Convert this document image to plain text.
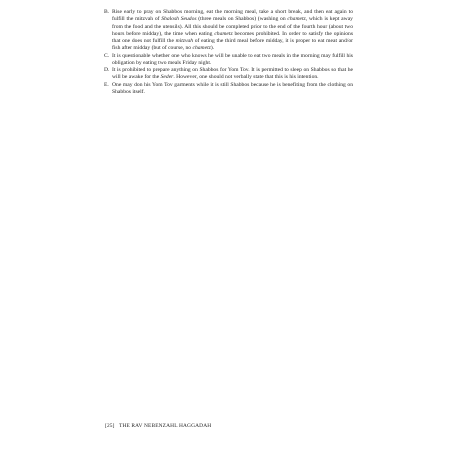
B. Rise early to pray on Shabbos morning, eat the morning meal, take a short break, and then eat again to fulfill the mitzvah of Shalosh Seudos (three meals on Shabbos) (washing on chametz, which is kept away from the food and the utensils). All this should be completed prior to the end of the fourth hour (about two hours before midday), the time when eating chametz becomes prohibited. In order to satisfy the opinions that one does not fulfill the mitzvah of eating the third meal before midday, it is proper to eat meat and/or fish after midday (but of course, no chametz).
C. It is questionable whether one who knows he will be unable to eat two meals in the morning may fulfill his obligation by eating two meals Friday night.
D. It is prohibited to prepare anything on Shabbos for Yom Tov. It is permitted to sleep on Shabbos so that he will be awake for the Seder. However, one should not verbally state that this is his intention.
E. One may don his Yom Tov garments while it is still Shabbos because he is benefiting from the clothing on Shabbos itself.
[25] THE RAV NEBENZAHL HAGGADAH
